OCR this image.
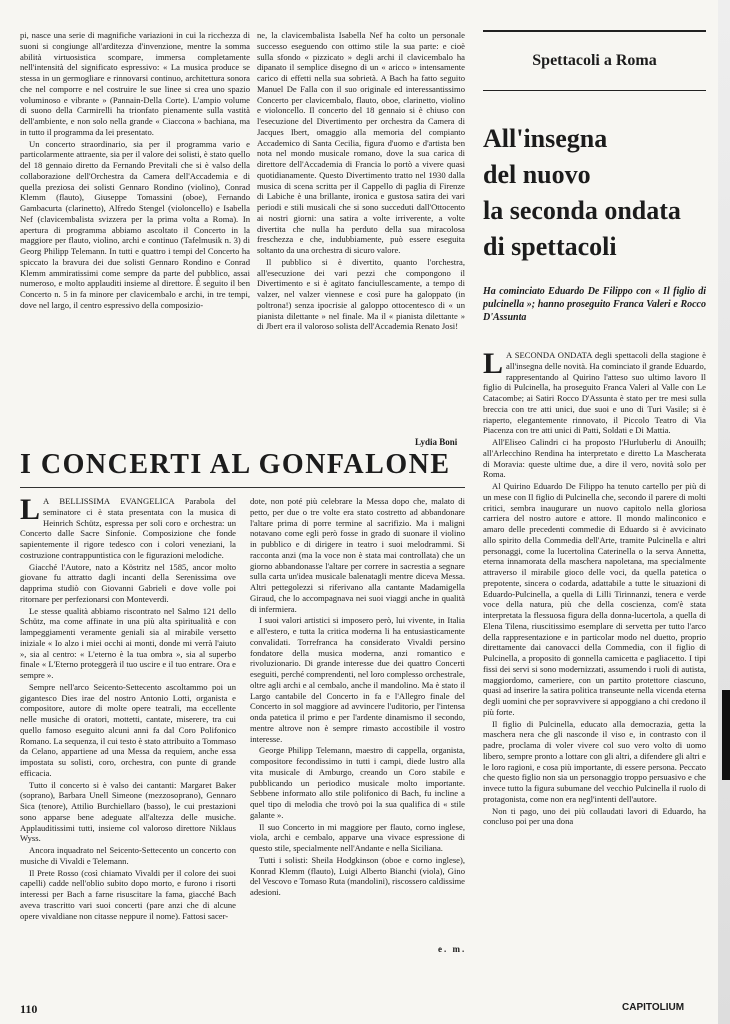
pi, nasce una serie di magnifiche variazioni in cui la ricchezza di suoni si congiunge all'arditezza d'invenzione, mentre la somma abilità virtuosistica scompare, immersa completamente nell'intensità del significato espressivo: « La musica produce se stessa in un germogliare e rinnovarsi continuo, architettura sonora che nel comporre e nel costruire le sue linee si crea uno spazio voluminoso e vibrante » (Pannain-Della Corte). L'ampio volume di suono della Carmirelli ha trionfato pienamente sulla vastità dell'ambiente, e non solo nella grande « Ciaccona » bachiana, ma in tutto il programma da lei presentato.

Un concerto straordinario, sia per il programma vario e particolarmente attraente, sia per il valore dei solisti, è stato quello del 18 gennaio diretto da Fernando Previtali che si è valso della collaborazione dell'Orchestra da Camera dell'Accademia e di quella preziosa dei solisti Gennaro Rondino (violino), Conrad Klemm (flauto), Giuseppe Tomassini (oboe), Fernando Gambacurta (clarinetto), Alfredo Stengel (violoncello) e Isabella Nef (clavicembalista svizzera per la prima volta a Roma). In apertura di programma abbiamo ascoltato il Concerto in la maggiore per flauto, violino, archi e continuo (Tafelmusik n. 3) di Georg Philipp Telemann. In tutti e quattro i tempi del Concerto ha spiccato la bravura dei due solisti Gennaro Rondino e Conrad Klemm ammiratissimi come sempre da parte del pubblico, assai numeroso, e molto applauditi insieme al direttore. È seguito il ben Concerto n. 5 in fa minore per clavicembalo e archi, in tre tempi, dove nel largo, il centro espressivo della composizio-

ne, la clavicembalista Isabella Nef ha colto un personale successo eseguendo con ottimo stile la sua parte: e cioè sulla sfondo « pizzicato » degli archi il clavicembalo ha dipanato il semplice disegno di un « aricco » intensamente carico di effetti nella sua sobrietà. A Bach ha fatto seguito Manuel De Falla con il suo originale ed interessantissimo Concerto per clavicembalo, flauto, oboe, clarinetto, violino e violoncello. Il concerto del 18 gennaio si è chiuso con l'esecuzione del Divertimento per orchestra da Camera di Jacques Ibert, omaggio alla memoria del compianto Accademico di Santa Cecilia, figura d'uomo e d'artista ben nota nel mondo musicale romano, dove la sua carica di direttore dell'Accademia di Francia lo portò a vivere quasi quotidianamente. Questo Divertimento tratto nel 1930 dalla musica di scena scritta per il Cappello di paglia di Firenze di Labiche è una brillante, ironica e gustosa satira dei vari periodi e stili musicali che si sono succeduti dall'Ottocento ai nostri giorni: una satira a volte irriverente, a volte divertita che nulla ha perduto della sua miracolosa freschezza e che, indubbiamente, può essere eseguita soltanto da una orchestra di sicuro valore.

Il pubblico si è divertito, quanto l'orchestra, all'esecuzione dei vari pezzi che compongono il Divertimento e si è agitato fanciullescamente, a tempo di valzer, nel valzer viennese e così pure ha galoppato (in poltrona!) senza ipocrisie al galoppo ottocentesco di « un pianista dilettante » nel finale. Ma il « pianista dilettante » di Jbert era il valoroso solista dell'Accademia Renato Josi!

Lydia Boni
Spettacoli a Roma
All'insegna
del nuovo
la seconda ondata
di spettacoli
Ha cominciato Eduardo De Filippo con « Il figlio di pulcinella »; hanno proseguito Franca Valeri e Rocco D'Assunta

L A SECONDA ONDATA degli spettacoli della stagione è all'insegna delle novità. Ha cominciato il grande Eduardo, rappresentando al Quirino l'atteso suo ultimo lavoro Il figlio di Pulcinella, ha proseguito Franca Valeri al Valle con Le Catacombe; ai Satiri Rocco D'Assunta è stato per tre mesi sulla breccia con tre atti unici, due suoi e uno di Turi Vasile; si è riaperto, elegantemente rinnovato, il Piccolo Teatro di Via Piacenza con tre atti unici di Patti, Soldati e Di Mattia.

All'Eliseo Calindri ci ha proposto l'Hurluberlu di Anouilh; all'Arlecchino Rendina ha interpretato e diretto La Mascherata di Moravia: queste ultime due, a dire il vero, novità solo per Roma.

Al Quirino Eduardo De Filippo ha tenuto cartello per più di un mese con Il figlio di Pulcinella che, secondo il parere di molti critici, sembra inaugurare un nuovo capitolo nella gloriosa carriera del nostro autore e attore. Il mondo malinconico e amaro delle precedenti commedie di Eduardo si è avvicinato allo spirito della Commedia dell'Arte, tramite Pulcinella e altri personaggi, come la lucertolina Caterinella o la serva Annetta, eterna innamorata della maschera napoletana, ma specialmente attraverso il mirabile gioco delle voci, da quella patetica o prepotente, sincera o codarda, adattabile a tutte le situazioni di Eduardo-Pulcinella, a quella di Lilli Tirinnanzi, tenera e verde voce della natura, più che della coscienza, com'è stata interpretata la flessuosa figura della donna-lucertola, a quella di Elena Tilena, riuscitissimo esemplare di servetta per tutto l'arco della rappresentazione e in particolar modo nel duetto, proprio direttamente dai canovacci della Commedia, con il figlio di Pulcinella, a proposito di gonnella camicetta e pagliacetto. I tipi fissi dei servi si sono modernizzati, assumendo i ruoli di autista, maggiordomo, cameriere, con un partito protettore ciascuno, quasi ad inserire la satira politica transeunte nella vicenda eterna degli uomini che per sopravvivere si appoggiano a chi credono il più forte.

Il figlio di Pulcinella, educato alla democrazia, getta la maschera nera che gli nasconde il viso e, in contrasto con il padre, proclama di voler vivere col suo vero volto di uomo libero, sempre pronto a lottare con gli altri, a difendere gli altri e le loro ragioni, e cosa più importante, di essere persona. Peccato che questo figlio non sia un personaggio troppo persuasivo e che invece tutto la figura subumane del vecchio Pulcinella il ruolo di protagonista, come non era negl'intenti dell'autore.

Non ti pago, uno dei più collaudati lavori di Eduardo, ha concluso poi per una dona

I CONCERTI AL GONFALONE

L A BELLISSIMA EVANGELICA Parabola del seminatore ci è stata presentata con la musica di Heinrich Schütz, espressa per soli coro e orchestra: un Concerto dalle Sacre Sinfonie. Composizione che fonde sapientemente il rigore tedesco con i colori veneziani, la costruzione contrappuntistica con le figurazioni melodiche.

Giacché l'Autore, nato a Köstritz nel 1585, ancor molto giovane fu attratto dagli incanti della Serenissima ove dapprima studiò con Giovanni Gabrieli e dove volle poi ritornare per perfezionarsi con Monteverdi.

Le stesse qualità abbiamo riscontrato nel Salmo 121 dello Schütz, ma come affinate in una più alta spiritualità e con lampeggiamenti veramente geniali sia al mirabile versetto iniziale « Io alzo i miei occhi ai monti, donde mi verrà l'aiuto », sia al centro: « L'eterno è la tua ombra », sia al superbo finale « L'Eterno proteggerà il tuo uscire e il tuo entrare. Ora e sempre ».

Sempre nell'arco Seicento-Settecento ascoltammo poi un gigantesco Dies irae del nostro Antonio Lotti, organista e compositore, autore di molte opere teatrali, ma eccellente nelle musiche di oratori, mottetti, cantate, miserere, tra cui quello famoso eseguito alcuni anni fa dal Coro Polifonico Romano. La sequenza, il cui testo è stato attribuito a Tommaso da Celano, appartiene ad una Messa da requiem, anche essa impostata su solisti, coro, orchestra, con punte di grande efficacia.

Tutto il concerto si è valso dei cantanti: Margaret Baker (soprano), Barbara Unell Simeone (mezzosoprano), Gennaro Sica (tenore), Attilio Burchiellaro (basso), le cui prestazioni sono apparse bene adeguate all'altezza delle musiche. Applauditissimi tutti, insieme col valoroso direttore Niklaus Wyss.

Ancora inquadrato nel Seicento-Settecento un concerto con musiche di Vivaldi e Telemann.

Il Prete Rosso (così chiamato Vivaldi per il colore dei suoi capelli) cadde nell'oblio subito dopo morto, e furono i risorti interessi per Bach a farne risuscitare la fama, giacché Bach aveva trascritto vari suoi concerti (pare anzi che di alcune opere vivaldiane non citasse neppure il nome). Fattosi sacer-

dote, non poté più celebrare la Messa dopo che, malato di petto, per due o tre volte era stato costretto ad abbandonare l'altare prima di porre termine al sacrifizio. Ma i maligni notavano come egli però fosse in grado di suonare il violino in pubblico e di dirigere in teatro i suoi melodrammi. Si racconta anzi (ma la voce non è stata mai controllata) che un giorno abbandonasse l'altare per correre in sacrestia a segnare sulla carta un'idea musicale balenatagli mentre diceva Messa. Altri pettegolezzi si riferivano alla cantante Madamigella Giraud, che lo accompagnava nei suoi viaggi anche in qualità di infermiera.

I suoi valori artistici si imposero però, lui vivente, in Italia e all'estero, e tutta la critica moderna li ha entusiasticamente convalidati. Torrefranca ha considerato Vivaldi persino fondatore della musica moderna, anzi romantico e rivoluzionario. Di grande interesse due dei quattro Concerti eseguiti, perché comprendenti, nel loro complesso orchestrale, oltre agli archi e al cembalo, anche il mandolino. Ma è stato il Largo cantabile del Concerto in fa e l'Allegro finale del Concerto in sol maggiore ad avvincere l'uditorio, per l'intensa onda patetica il primo e per l'ardente dinamismo il secondo, mentre altrove non è sempre rimasto accostibile il vostro interesse.

George Philipp Telemann, maestro di cappella, organista, compositore fecondissimo in tutti i campi, diede lustro alla vita musicale di Amburgo, creando un Coro stabile e pubblicando un periodico musicale molto importante. Sebbene informato allo stile polifonico di Bach, fu incline a quel tipo di melodia che trovò poi la sua qualifica di « stile galante ».

Il suo Concerto in mi maggiore per flauto, corno inglese, viola, archi e cembalo, apparve una vivace espressione di questo stile, specialmente nell'Andante e nella Siciliana.

Tutti i solisti: Sheila Hodgkinson (oboe e corno inglese), Konrad Klemm (flauto), Luigi Alberto Bianchi (viola), Gino del Vescovo e Tomaso Ruta (mandolini), riscossero caldissime adesioni.

e. m.
110	CAPITOLIUM
